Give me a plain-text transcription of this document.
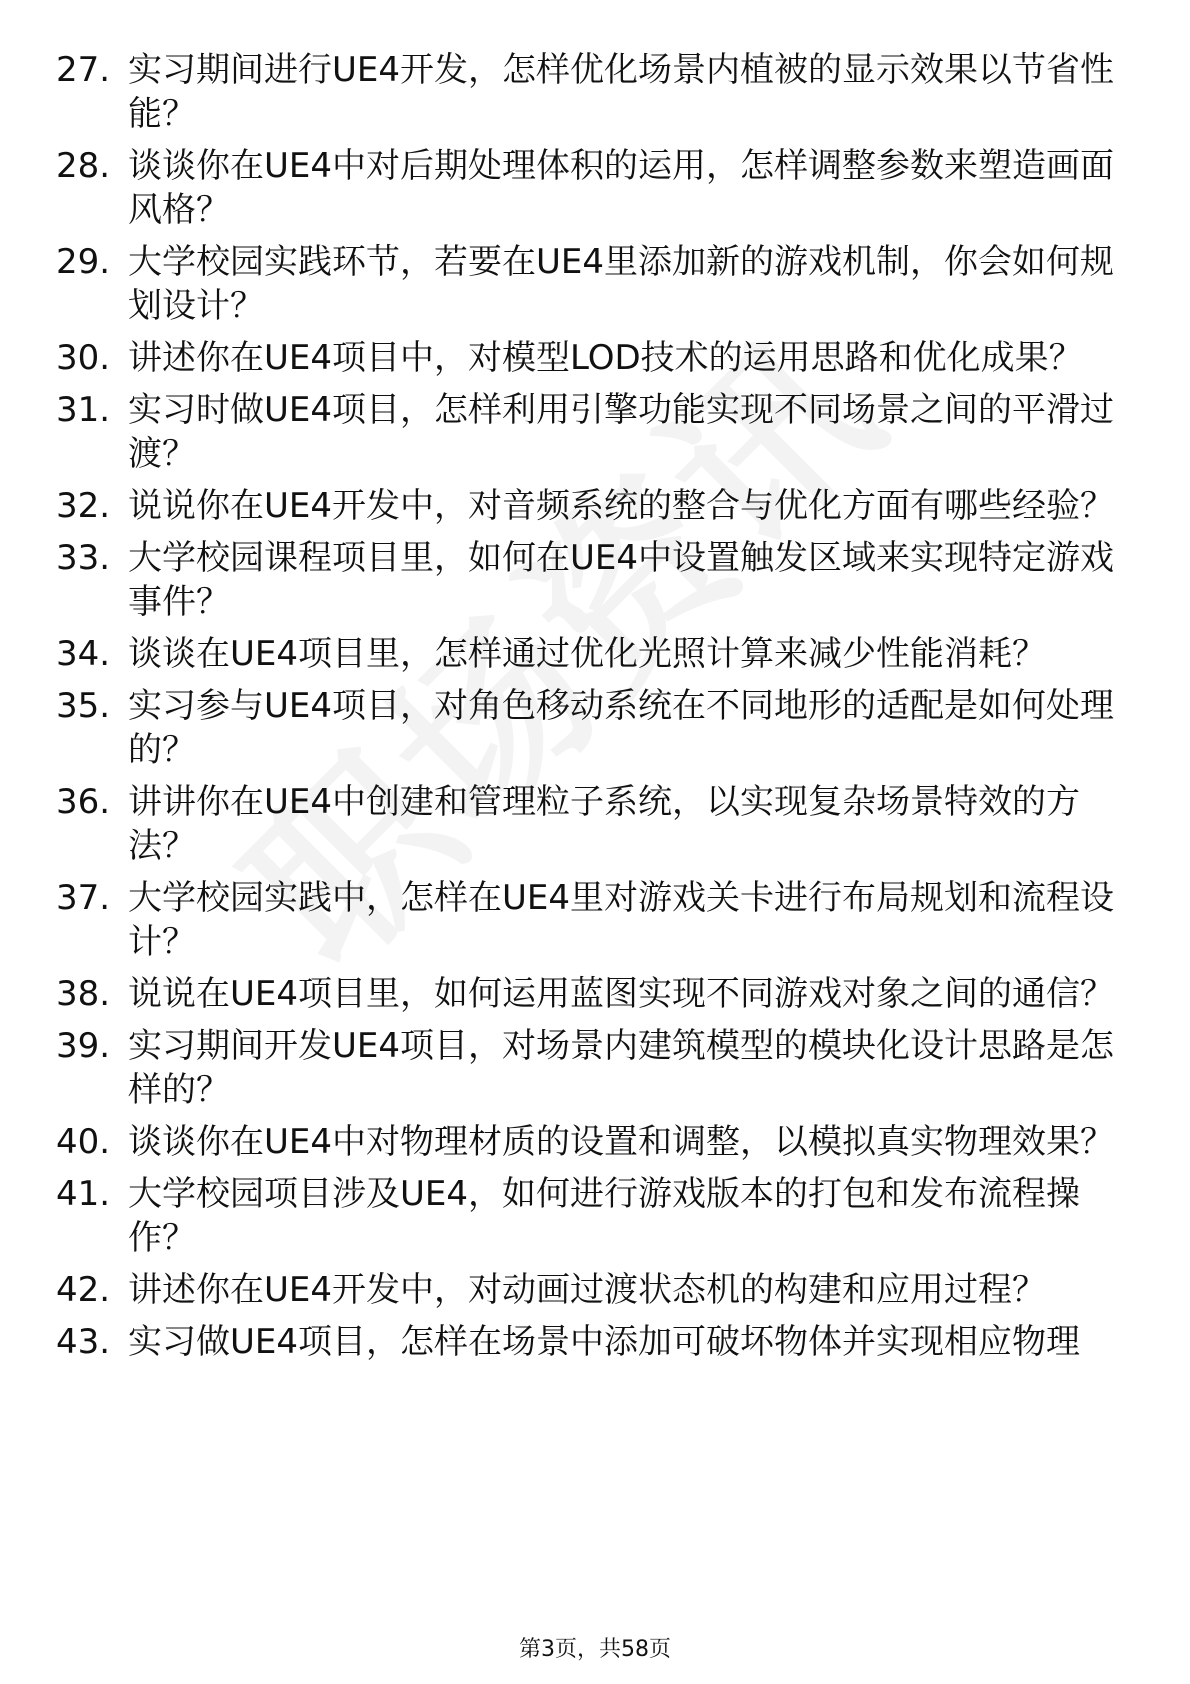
27. 实习期间进行UE4开发，怎样优化场景内植被的显示效果以节省性能？
28. 谈谈你在UE4中对后期处理体积的运用，怎样调整参数来塑造画面风格？
29. 大学校园实践环节，若要在UE4里添加新的游戏机制，你会如何规划设计？
30. 讲述你在UE4项目中，对模型LOD技术的运用思路和优化成果？
31. 实习时做UE4项目，怎样利用引擎功能实现不同场景之间的平滑过渡？
32. 说说你在UE4开发中，对音频系统的整合与优化方面有哪些经验？
33. 大学校园课程项目里，如何在UE4中设置触发区域来实现特定游戏事件？
34. 谈谈在UE4项目里，怎样通过优化光照计算来减少性能消耗？
35. 实习参与UE4项目，对角色移动系统在不同地形的适配是如何处理的？
36. 讲讲你在UE4中创建和管理粒子系统，以实现复杂场景特效的方法？
37. 大学校园实践中，怎样在UE4里对游戏关卡进行布局规划和流程设计？
38. 说说在UE4项目里，如何运用蓝图实现不同游戏对象之间的通信？
39. 实习期间开发UE4项目，对场景内建筑模型的模块化设计思路是怎样的？
40. 谈谈你在UE4中对物理材质的设置和调整，以模拟真实物理效果？
41. 大学校园项目涉及UE4，如何进行游戏版本的打包和发布流程操作？
42. 讲述你在UE4开发中，对动画过渡状态机的构建和应用过程？
43. 实习做UE4项目，怎样在场景中添加可破坏物体并实现相应物理
第3页，共58页
